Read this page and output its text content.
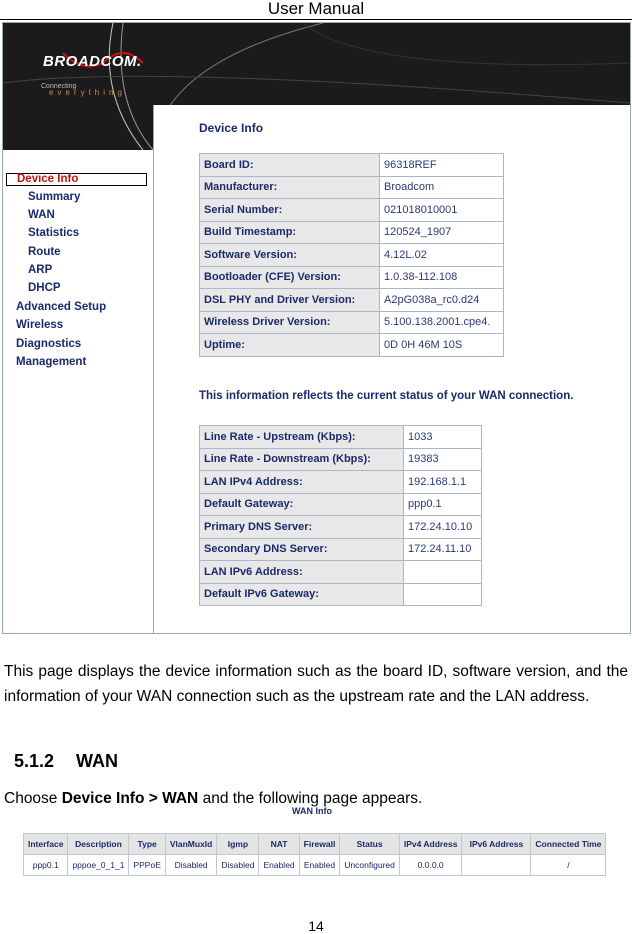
User Manual
BROADCOM.
Connecting
everything
Device Info
Summary
WAN
Statistics
Route
ARP
DHCP
Advanced Setup
Wireless
Diagnostics
Management
Device Info
Board ID:	96318REF
Manufacturer:	Broadcom
Serial Number:	021018010001
Build Timestamp:	120524_1907
Software Version:	4.12L.02
Bootloader (CFE) Version:	1.0.38-112.108
DSL PHY and Driver Version:	A2pG038a_rc0.d24
Wireless Driver Version:	5.100.138.2001.cpe4.
Uptime:	0D 0H 46M 10S
This information reflects the current status of your WAN connection.
Line Rate - Upstream (Kbps):	1033
Line Rate - Downstream (Kbps):	19383
LAN IPv4 Address:	192.168.1.1
Default Gateway:	ppp0.1
Primary DNS Server:	172.24.10.10
Secondary DNS Server:	172.24.11.10
LAN IPv6 Address:	
Default IPv6 Gateway:	

This page displays the device information such as the board ID, software version, and the information of your WAN connection such as the upstream rate and the LAN address.

5.1.2 WAN
Choose Device Info > WAN and the following page appears.
WAN Info
Interface	Description	Type	VlanMuxId	Igmp	NAT	Firewall	Status	IPv4 Address	IPv6 Address	Connected Time
ppp0.1	pppoe_0_1_1	PPPoE	Disabled	Disabled	Enabled	Enabled	Unconfigured	0.0.0.0		/
14
